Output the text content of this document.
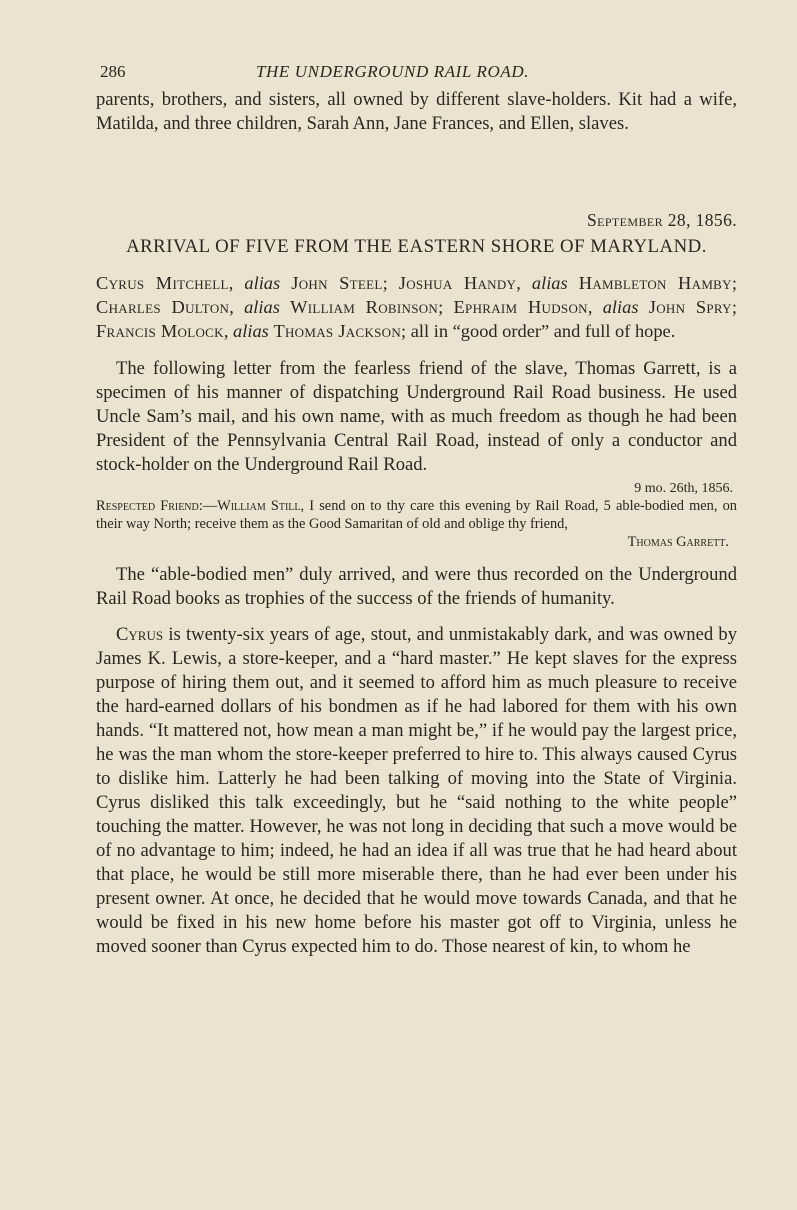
286	THE UNDERGROUND RAIL ROAD.

parents, brothers, and sisters, all owned by different slave-holders. Kit had a wife, Matilda, and three children, Sarah Ann, Jane Frances, and Ellen, slaves.

September 28, 1856.

ARRIVAL OF FIVE FROM THE EASTERN SHORE OF MARYLAND.

Cyrus Mitchell, alias John Steel; Joshua Handy, alias Hambleton Hamby; Charles Dulton, alias William Robinson; Ephraim Hudson, alias John Spry; Francis Molock, alias Thomas Jackson; all in “good order” and full of hope.

The following letter from the fearless friend of the slave, Thomas Garrett, is a specimen of his manner of dispatching Underground Rail Road business. He used Uncle Sam’s mail, and his own name, with as much freedom as though he had been President of the Pennsylvania Central Rail Road, instead of only a conductor and stock-holder on the Underground Rail Road.

9 mo. 26th, 1856.

Respected Friend:—William Still, I send on to thy care this evening by Rail Road, 5 able-bodied men, on their way North; receive them as the Good Samaritan of old and oblige thy friend,

Thomas Garrett.

The “able-bodied men” duly arrived, and were thus recorded on the Underground Rail Road books as trophies of the success of the friends of humanity.

Cyrus is twenty-six years of age, stout, and unmistakably dark, and was owned by James K. Lewis, a store-keeper, and a “hard master.” He kept slaves for the express purpose of hiring them out, and it seemed to afford him as much pleasure to receive the hard-earned dollars of his bondmen as if he had labored for them with his own hands. “It mattered not, how mean a man might be,” if he would pay the largest price, he was the man whom the store-keeper preferred to hire to. This always caused Cyrus to dislike him. Latterly he had been talking of moving into the State of Virginia. Cyrus disliked this talk exceedingly, but he “said nothing to the white people” touching the matter. However, he was not long in deciding that such a move would be of no advantage to him; indeed, he had an idea if all was true that he had heard about that place, he would be still more miserable there, than he had ever been under his present owner. At once, he decided that he would move towards Canada, and that he would be fixed in his new home before his master got off to Virginia, unless he moved sooner than Cyrus expected him to do. Those nearest of kin, to whom he
